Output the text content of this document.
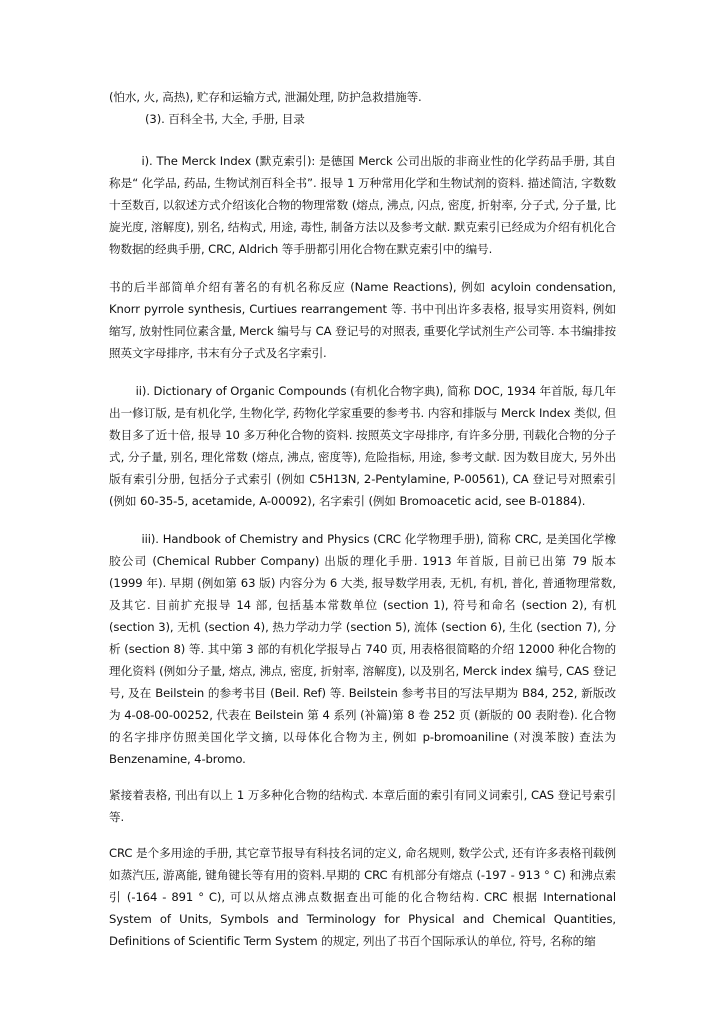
(怕水, 火, 高热), 贮存和运输方式, 泄漏处理, 防护急救措施等.

(3). 百科全书, 大全, 手册, 目录

i). The Merck Index (默克索引): 是德国 Merck 公司出版的非商业性的化学药品手册, 其自称是“ 化学品, 药品, 生物试剂百科全书”. 报导 1 万种常用化学和生物试剂的资料. 描述简洁, 字数数十至数百, 以叙述方式介绍该化合物的物理常数 (熔点, 沸点, 闪点, 密度, 折射率, 分子式, 分子量, 比旋光度, 溶解度), 别名, 结构式, 用途, 毒性, 制备方法以及参考文献. 默克索引已经成为介绍有机化合物数据的经典手册, CRC, Aldrich 等手册都引用化合物在默克索引中的编号.

书的后半部简单介绍有著名的有机名称反应 (Name Reactions), 例如 acyloin condensation, Knorr pyrrole synthesis, Curtiues rearrangement 等. 书中刊出许多表格, 报导实用资料, 例如缩写, 放射性同位素含量, Merck 编号与 CA 登记号的对照表, 重要化学试剂生产公司等. 本书编排按照英文字母排序, 书末有分子式及名字索引.

ii). Dictionary of Organic Compounds (有机化合物字典), 简称 DOC, 1934 年首版, 每几年出一修订版, 是有机化学, 生物化学, 药物化学家重要的参考书. 内容和排版与 Merck Index 类似, 但数目多了近十倍, 报导 10 多万种化合物的资料. 按照英文字母排序, 有许多分册, 刊载化合物的分子式, 分子量, 别名, 理化常数 (熔点, 沸点, 密度等), 危险指标, 用途, 参考文献. 因为数目庞大, 另外出版有索引分册, 包括分子式索引 (例如 C5H13N, 2-Pentylamine, P-00561), CA 登记号对照索引 (例如 60-35-5, acetamide, A-00092), 名字索引 (例如 Bromoacetic acid, see B-01884).

iii). Handbook of Chemistry and Physics (CRC 化学物理手册), 简称 CRC, 是美国化学橡胶公司 (Chemical Rubber Company) 出版的理化手册. 1913 年首版, 目前已出第 79 版本 (1999 年). 早期 (例如第 63 版) 内容分为 6 大类, 报导数学用表, 无机, 有机, 普化, 普通物理常数, 及其它. 目前扩充报导 14 部, 包括基本常数单位 (section 1), 符号和命名 (section 2), 有机 (section 3), 无机 (section 4), 热力学动力学 (section 5), 流体 (section 6), 生化 (section 7), 分析 (section 8) 等. 其中第 3 部的有机化学报导占 740 页, 用表格很简略的介绍 12000 种化合物的理化资料 (例如分子量, 熔点, 沸点, 密度, 折射率, 溶解度), 以及别名, Merck index 编号, CAS 登记号, 及在 Beilstein 的参考书目 (Beil. Ref) 等. Beilstein 参考书目的写法早期为 B84, 252, 新版改为 4-08-00-00252, 代表在 Beilstein 第 4 系列 (补篇)第 8 卷 252 页 (新版的 00 表附卷). 化合物的名字排序仿照美国化学文摘, 以母体化合物为主, 例如 p-bromoaniline (对溴苯胺) 查法为 Benzenamine, 4-bromo.

紧接着表格, 刊出有以上 1 万多种化合物的结构式. 本章后面的索引有同义词索引, CAS 登记号索引等.

CRC 是个多用途的手册, 其它章节报导有科技名词的定义, 命名规则, 数学公式, 还有许多表格刊载例如蒸汽压, 游离能, 键角键长等有用的资料.早期的 CRC 有机部分有熔点 (-197 - 913 ° C) 和沸点索引 (-164 - 891 ° C), 可以从熔点沸点数据查出可能的化合物结构. CRC 根据 International System of Units, Symbols and Terminology for Physical and Chemical Quantities, Definitions of Scientific Term System 的规定, 列出了书百个国际承认的单位, 符号, 名称的缩
